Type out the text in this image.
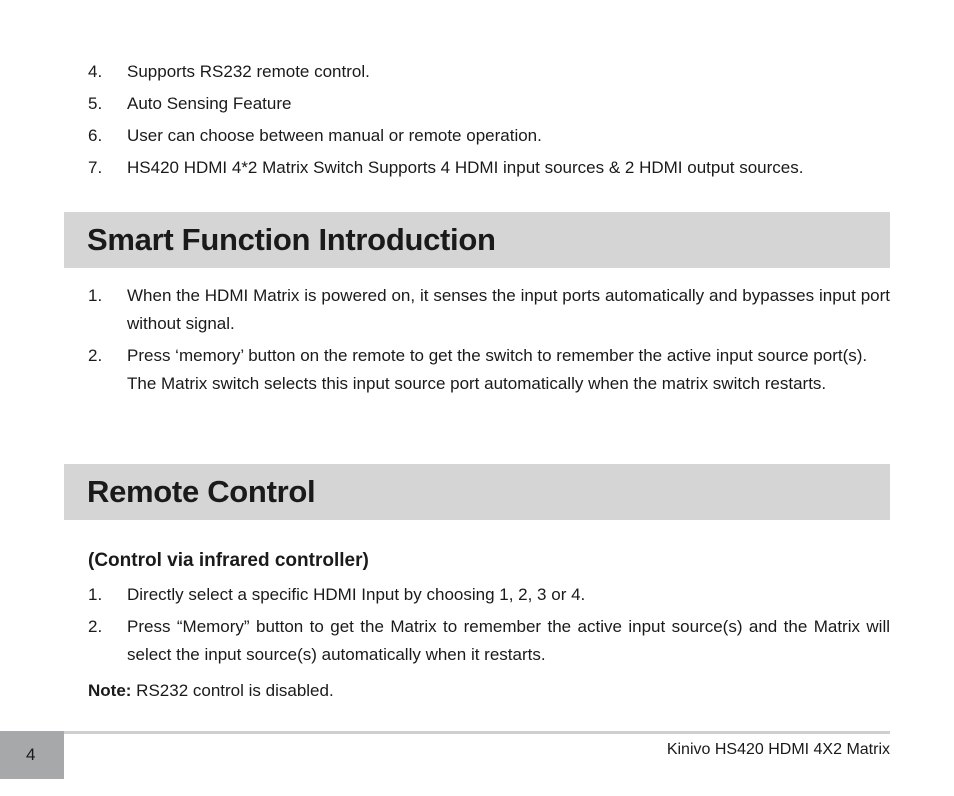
4. Supports RS232 remote control.
5. Auto Sensing Feature
6. User can choose between manual or remote operation.
7. HS420 HDMI 4*2 Matrix Switch Supports 4 HDMI input sources & 2 HDMI output sources.
Smart Function Introduction
1. When the HDMI Matrix is powered on, it senses the input ports automatically and bypasses input port without signal.
2. Press ‘memory’ button on the remote to get the switch to remember the active input source port(s). The Matrix switch selects this input source port automatically when the matrix switch restarts.
Remote Control
(Control via infrared controller)
1. Directly select a specific HDMI Input by choosing 1, 2, 3 or 4.
2. Press “Memory” button to get the Matrix to remember the active input source(s) and the Matrix will select the input source(s) automatically when it restarts.
Note: RS232 control is disabled.
4	Kinivo HS420 HDMI 4X2 Matrix
